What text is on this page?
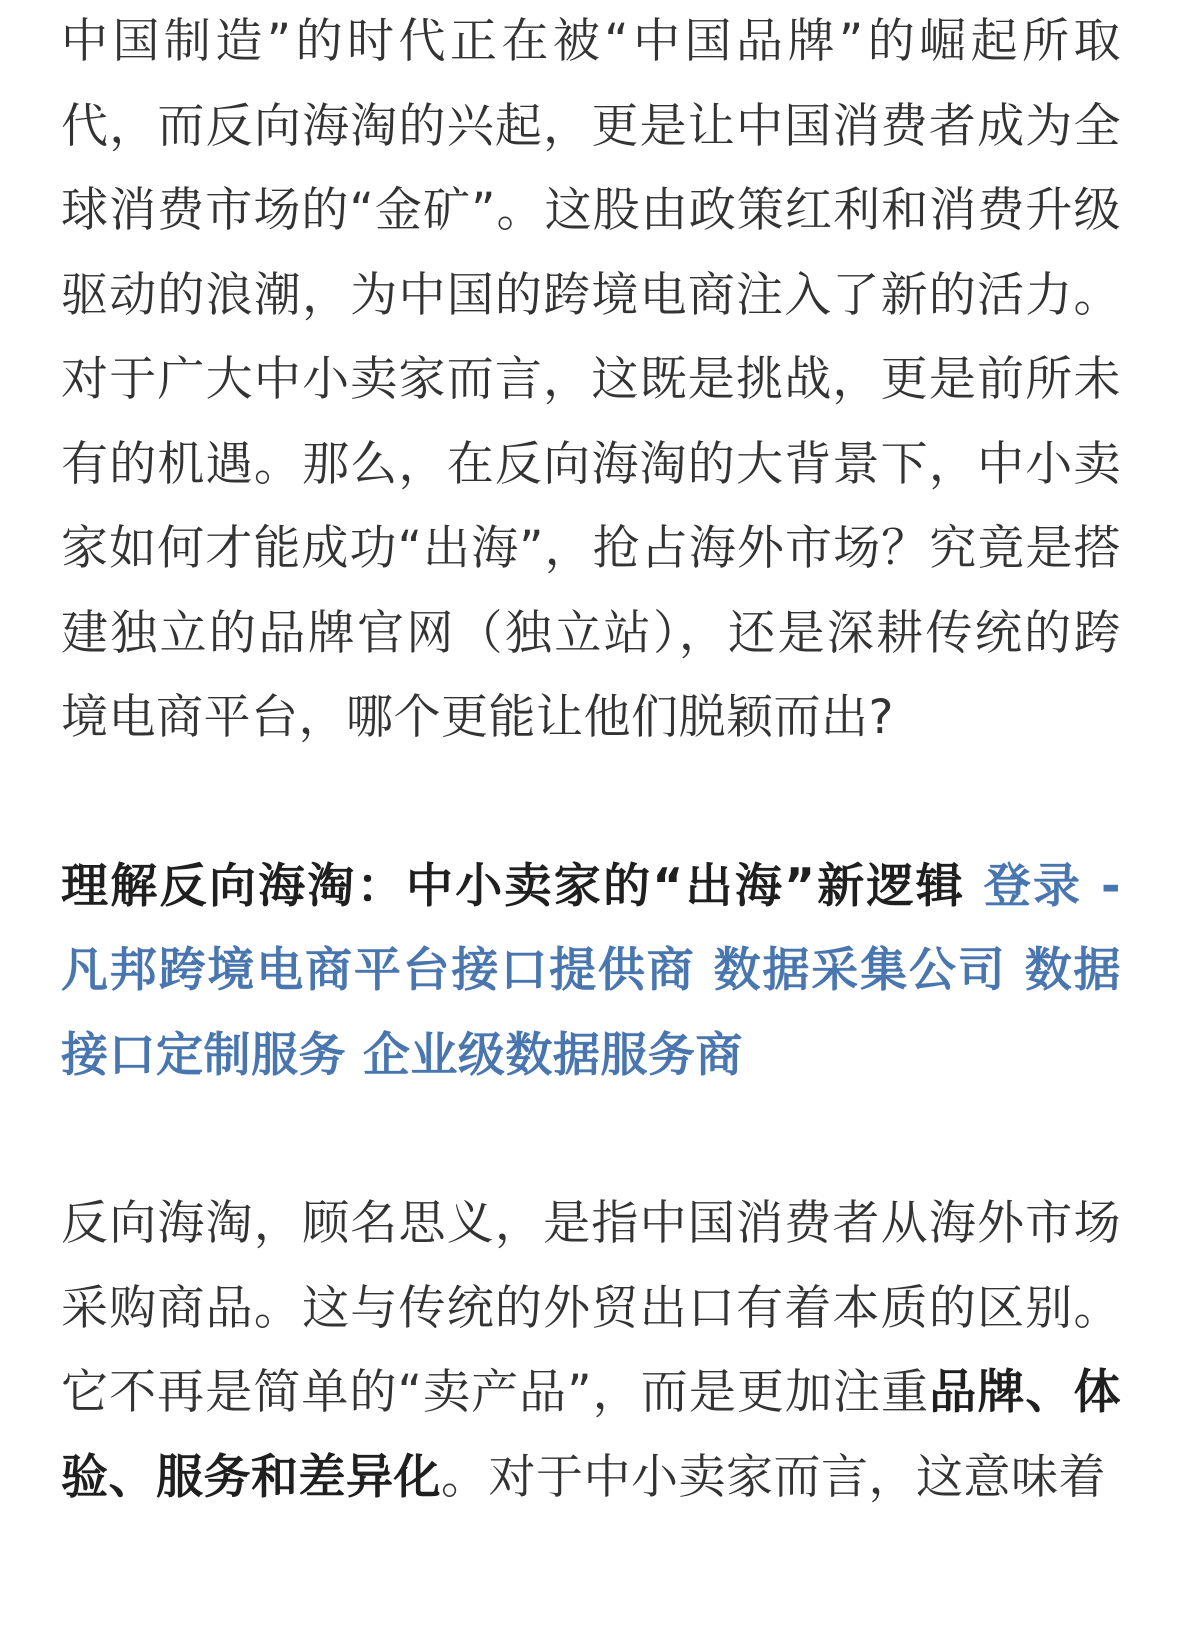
中国制造”的时代正在被“中国品牌”的崛起所取代，而反向海淘的兴起，更是让中国消费者成为全球消费市场的“金矿”。这股由政策红利和消费升级驱动的浪潮，为中国的跨境电商注入了新的活力。对于广大中小卖家而言，这既是挑战，更是前所未有的机遇。那么，在反向海淘的大背景下，中小卖家如何才能成功“出海”，抢占海外市场？究竟是搭建独立的品牌官网（独立站），还是深耕传统的跨境电商平台，哪个更能让他们脱颖而出?

理解反向海淘：中小卖家的“出海”新逻辑 登录 - 凡邦跨境电商平台接口提供商 数据采集公司 数据接口定制服务 企业级数据服务商

反向海淘，顾名思义，是指中国消费者从海外市场采购商品。这与传统的外贸出口有着本质的区别。它不再是简单的“卖产品”，而是更加注重品牌、体验、服务和差异化。对于中小卖家而言，这意味着
